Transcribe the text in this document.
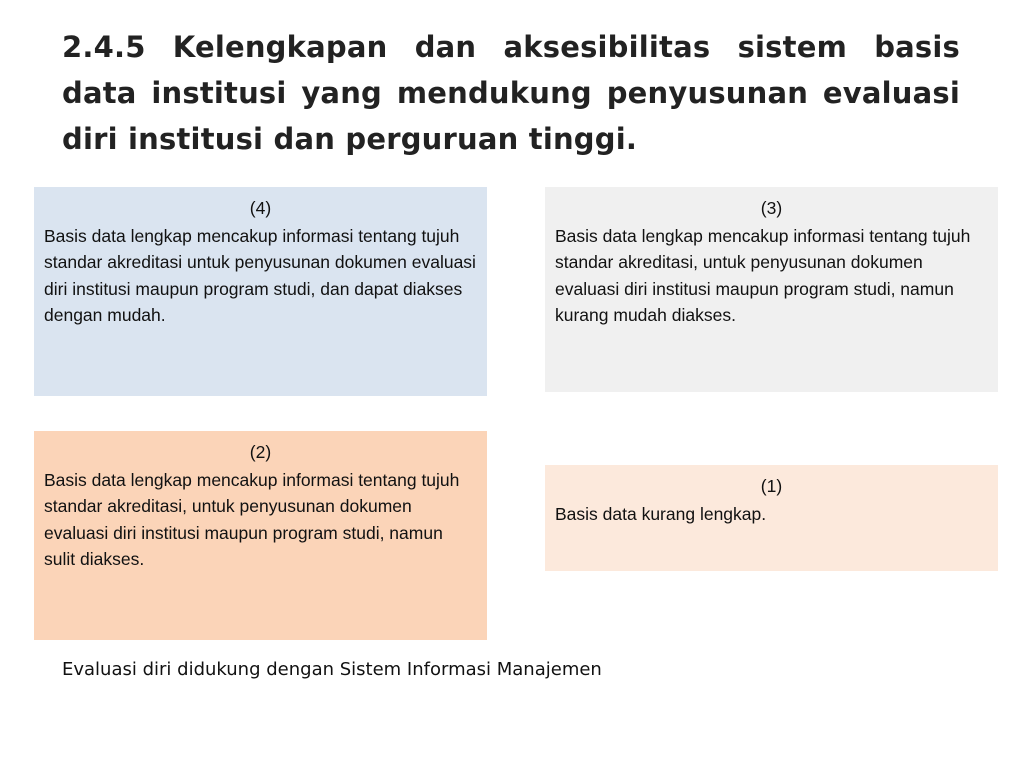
2.4.5 Kelengkapan dan aksesibilitas sistem basis data institusi yang mendukung penyusunan evaluasi diri institusi dan perguruan tinggi.
(4)
Basis data lengkap mencakup informasi tentang tujuh standar akreditasi untuk penyusunan dokumen evaluasi diri institusi maupun program studi, dan dapat diakses dengan mudah.
(3)
Basis data lengkap mencakup informasi tentang tujuh standar akreditasi, untuk penyusunan dokumen evaluasi diri institusi maupun program studi, namun kurang mudah diakses.
(2)
Basis data lengkap mencakup informasi tentang tujuh standar akreditasi, untuk penyusunan dokumen evaluasi diri institusi maupun program studi, namun sulit diakses.
(1)
Basis data kurang lengkap.
Evaluasi diri didukung dengan Sistem Informasi Manajemen
